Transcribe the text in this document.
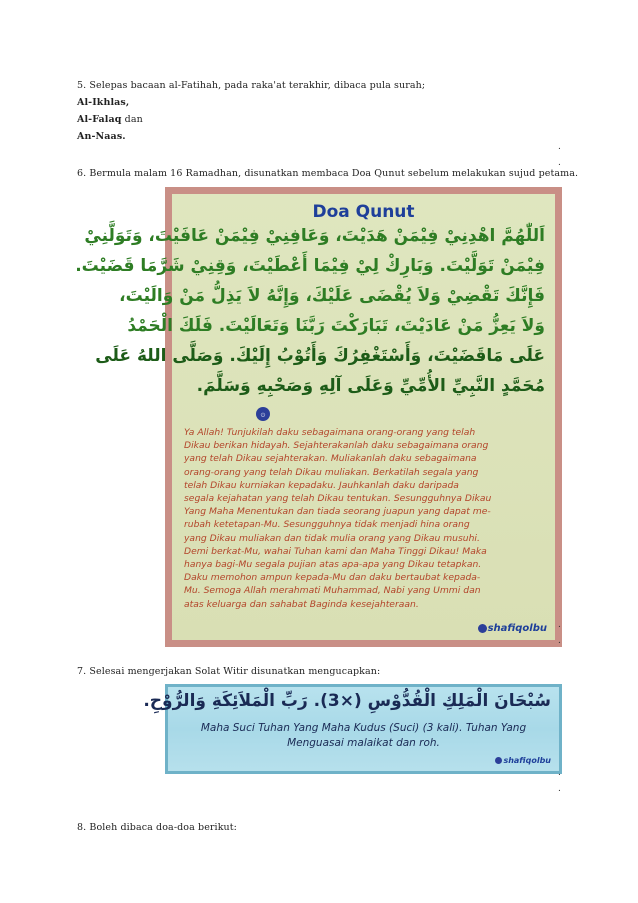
5. Selepas bacaan al-Fatihah, pada raka'at terakhir, dibaca pula surah;
Al-Ikhlas,
Al-Falaq dan
An-Naas.
.
.
6. Bermula malam 16 Ramadhan, disunatkan membaca Doa Qunut sebelum melakukan sujud petama.
Doa Qunut
اَللّٰهُمَّ اهْدِنِيْ فِيْمَنْ هَدَيْتَ، وَعَافِنِيْ فِيْمَنْ عَافَيْتَ، وَتَوَلَّنِيْ
فِيْمَنْ تَوَلَّيْتَ. وَبَارِكْ لِيْ فِيْمَا أَعْطَيْتَ، وَقِنِيْ شَرَّمَا قَضَيْتَ.
فَإِنَّكَ تَقْضِيْ وَلاَ يُقْضَى عَلَيْكَ، وَإِنَّهُ لاَ يَذِلُّ مَنْ وَالَيْتَ،
وَلاَ يَعِزُّ مَنْ عَادَيْتَ، تَبَارَكْتَ رَبَّنَا وَتَعَالَيْتَ. فَلَكَ الْحَمْدُ
عَلَى مَاقَضَيْتَ، وَأَسْتَغْفِرُكَ وَأَتُوْبُ إِلَيْكَ. وَصَلَّى اللهُ عَلَى
مُحَمَّدٍ النَّبِيِّ الأُمِّيِّ وَعَلَى آلِهِ وَصَحْبِهِ وَسَلَّمَ.
۞
Ya Allah! Tunjukilah daku sebagaimana orang-orang yang telah
Dikau berikan hidayah. Sejahterakanlah daku sebagaimana orang
yang telah Dikau sejahterakan. Muliakanlah daku sebagaimana
orang-orang yang telah Dikau muliakan. Berkatilah segala yang
telah Dikau kurniakan kepadaku. Jauhkanlah daku daripada
segala kejahatan yang telah Dikau tentukan. Sesungguhnya Dikau
Yang Maha Menentukan dan tiada seorang juapun yang dapat me-
rubah ketetapan-Mu. Sesungguhnya tidak menjadi hina orang
yang Dikau muliakan dan tidak mulia orang yang Dikau musuhi.
Demi berkat-Mu, wahai Tuhan kami dan Maha Tinggi Dikau! Maka
hanya bagi-Mu segala pujian atas apa-apa yang Dikau tetapkan.
Daku memohon ampun kepada-Mu dan daku bertaubat kepada-
Mu. Semoga Allah merahmati Muhammad, Nabi yang Ummi dan
atas keluarga dan sahabat Baginda kesejahteraan.
shafiqolbu .
.
7. Selesai mengerjakan Solat Witir disunatkan mengucapkan:
سُبْحَانَ الْمَلِكِ الْقُدُّوْسِ (×3). رَبِّ الْمَلاَئِكَةِ وَالرُّوْحِ.
Maha Suci Tuhan Yang Maha Kudus (Suci) (3 kali). Tuhan Yang
Menguasai malaikat dan roh.
shafiqolbu
.
.
8. Boleh dibaca doa-doa berikut:
